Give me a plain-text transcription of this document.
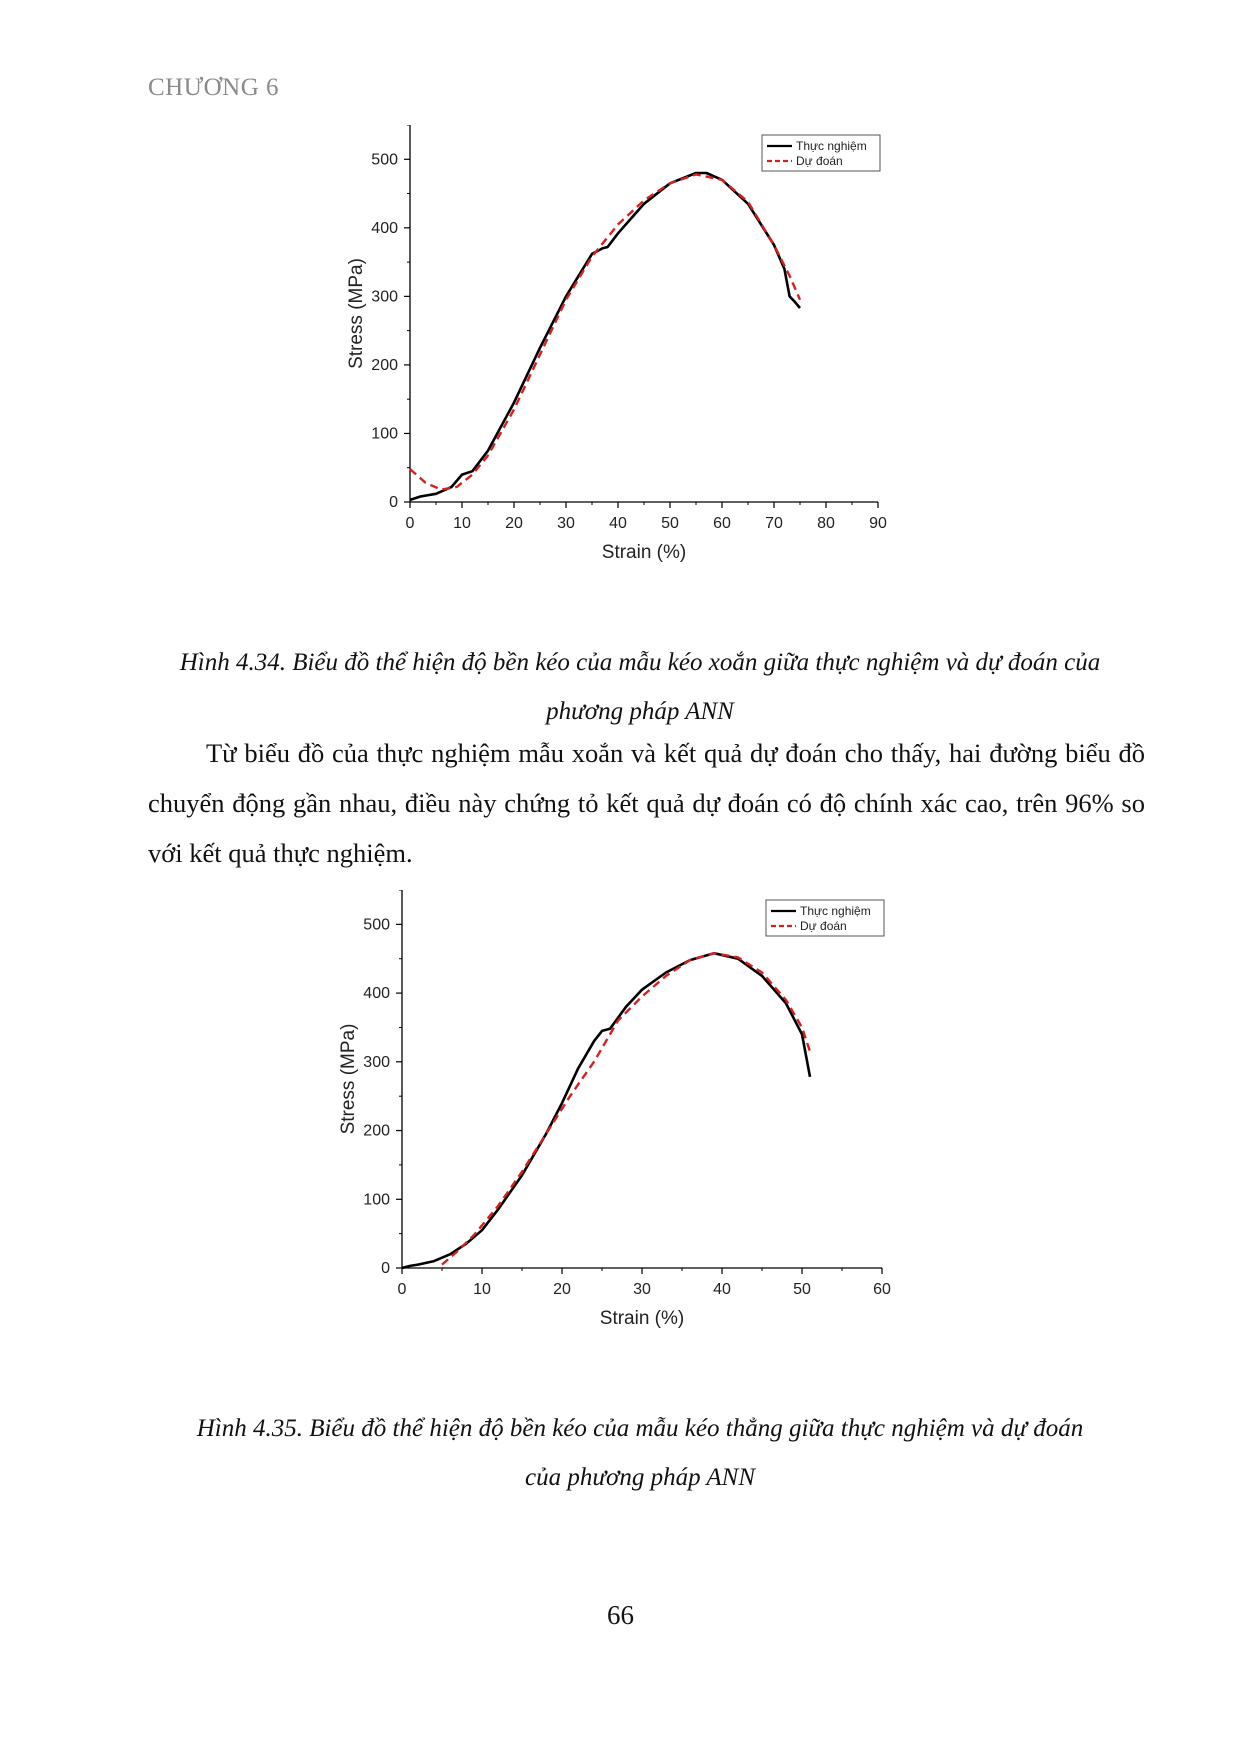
CHƯƠNG 6
0 10 20 30 40 50 60 70 80 90
0
100
200
300
400
500
Strain (%)
Stress (MPa)
Thực nghiệm
Dự đoán
Hình 4.34. Biểu đồ thể hiện độ bền kéo của mẫu kéo xoắn giữa thực nghiệm và dự đoán của
phương pháp ANN
Từ biểu đồ của thực nghiệm mẫu xoắn và kết quả dự đoán cho thấy, hai đường biểu đồ chuyển động gần nhau, điều này chứng tỏ kết quả dự đoán có độ chính xác cao, trên 96% so với kết quả thực nghiệm.
0	10	20	30	40	50	60
0
100
200
300
400
500
Strain (%)
Stress (MPa)
Thực nghiệm
Dự đoán
Hình 4.35. Biểu đồ thể hiện độ bền kéo của mẫu kéo thẳng giữa thực nghiệm và dự đoán
của phương pháp ANN
66
